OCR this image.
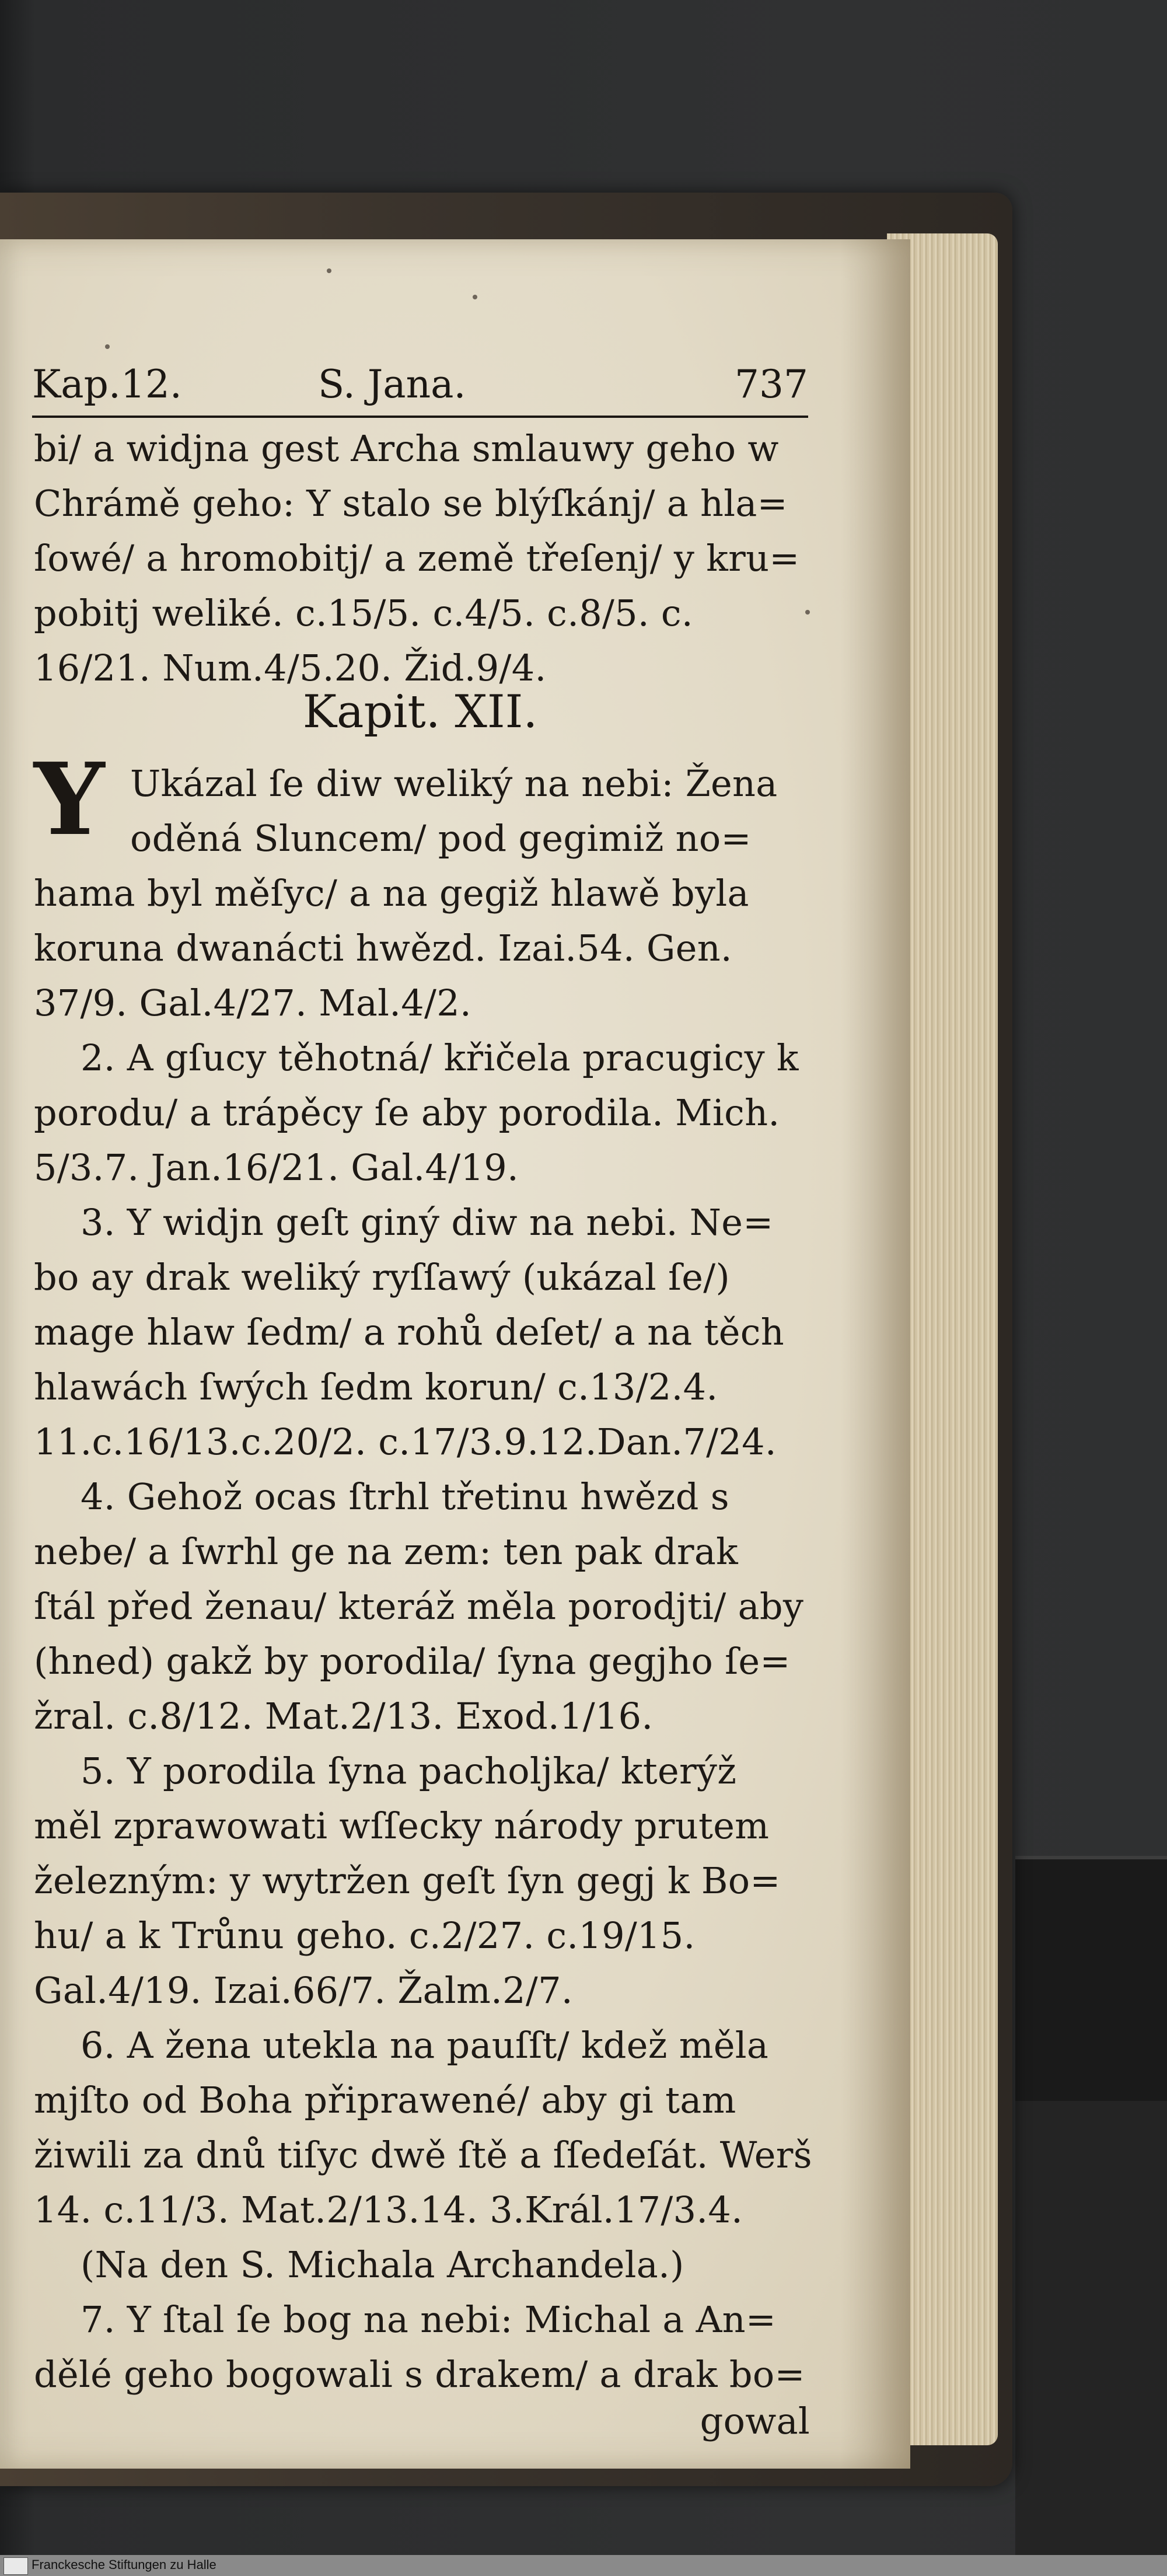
Kap.12.	S. Jana.	737
bi/ a widjna gest Archa smlauwy geho w
Chrámě geho: Y stalo se blýſkánj/ a hla=
ſowé/ a hromobitj/ a země třeſenj/ y kru=
pobitj weliké. c.15/5. c.4/5. c.8/5. c.
16/21. Num.4/5.20. Žid.9/4.
Kapit. XII.
Y Ukázal ſe diw weliký na nebi: Žena
oděná Sluncem/ pod gegimiž no=
hama byl měſyc/ a na gegiž hlawě byla
koruna dwanácti hwězd. Izai.54. Gen.
37/9. Gal.4/27. Mal.4/2.
2. A gſucy těhotná/ křičela pracugicy k
porodu/ a trápěcy ſe aby porodila. Mich.
5/3.7. Jan.16/21. Gal.4/19.
3. Y widjn geſt giný diw na nebi. Ne=
bo ay drak weliký ryſſawý (ukázal ſe/)
mage hlaw ſedm/ a rohů deſet/ a na těch
hlawách ſwých ſedm korun/ c.13/2.4.
11.c.16/13.c.20/2. c.17/3.9.12.Dan.7/24.
4. Gehož ocas ſtrhl třetinu hwězd s
nebe/ a ſwrhl ge na zem: ten pak drak
ſtál před ženau/ kteráž měla porodjti/ aby
(hned) gakž by porodila/ ſyna gegjho ſe=
žral. c.8/12. Mat.2/13. Exod.1/16.
5. Y porodila ſyna pacholjka/ kterýž
měl zprawowati wſſecky národy prutem
železným: y wytržen geſt ſyn gegj k Bo=
hu/ a k Trůnu geho. c.2/27. c.19/15.
Gal.4/19. Izai.66/7. Žalm.2/7.
6. A žena utekla na pauſſt/ kdež měla
mjſto od Boha připrawené/ aby gi tam
žiwili za dnů tiſyc dwě ſtě a ſſedeſát. Werš
14. c.11/3. Mat.2/13.14. 3.Král.17/3.4.
(Na den S. Michala Archandela.)
7. Y ſtal ſe bog na nebi: Michal a An=
dělé geho bogowali s drakem/ a drak bo=
gowal
Franckesche Stiftungen zu Halle
